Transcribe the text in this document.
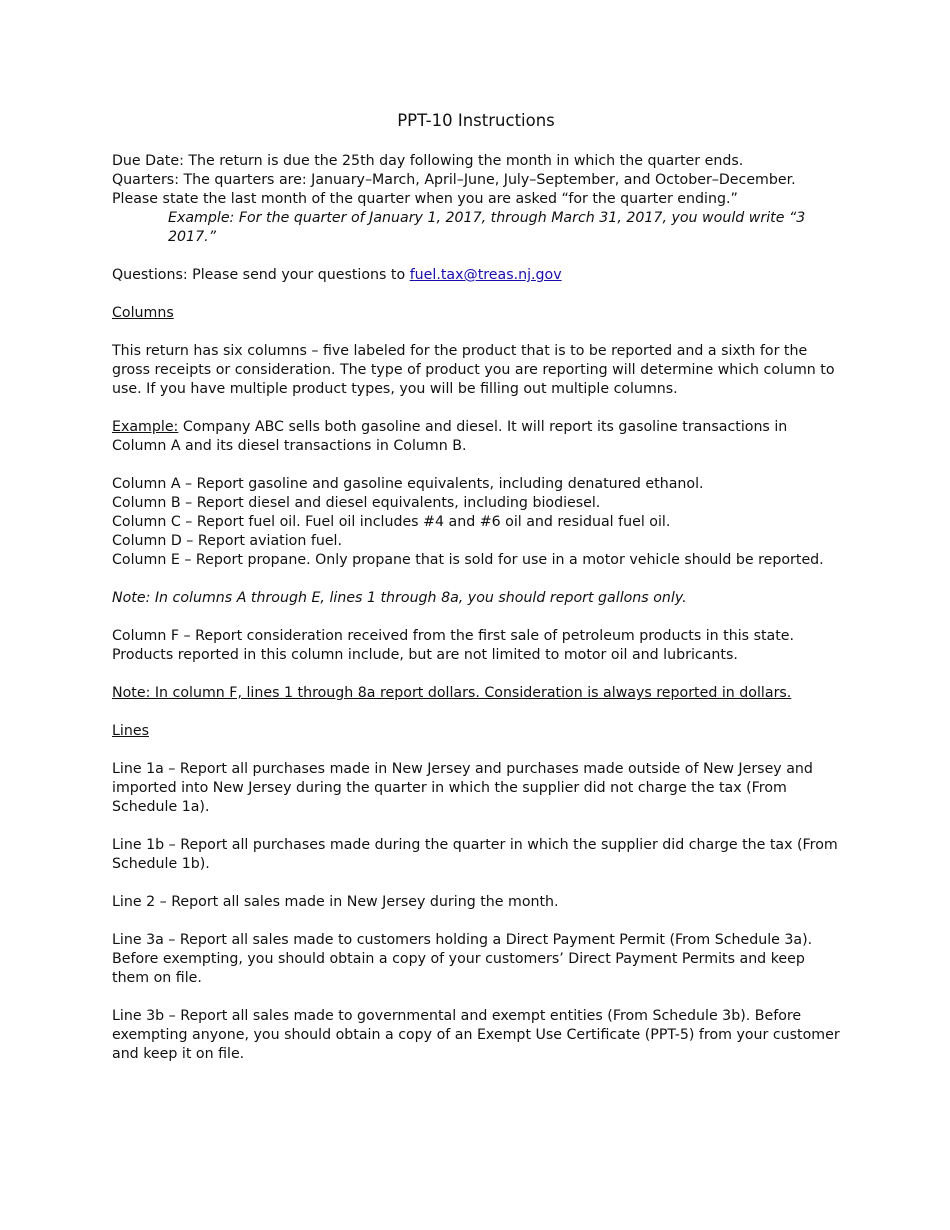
PPT-10 Instructions

Due Date: The return is due the 25th day following the month in which the quarter ends.

Quarters: The quarters are: January–March, April–June, July–September, and October–December. Please state the last month of the quarter when you are asked “for the quarter ending.”

Example: For the quarter of January 1, 2017, through March 31, 2017, you would write “3 2017.”

Questions: Please send your questions to fuel.tax@treas.nj.gov

Columns

This return has six columns – five labeled for the product that is to be reported and a sixth for the gross receipts or consideration. The type of product you are reporting will determine which column to use. If you have multiple product types, you will be filling out multiple columns.

Example: Company ABC sells both gasoline and diesel. It will report its gasoline transactions in Column A and its diesel transactions in Column B.

Column A – Report gasoline and gasoline equivalents, including denatured ethanol.

Column B – Report diesel and diesel equivalents, including biodiesel.

Column C – Report fuel oil. Fuel oil includes #4 and #6 oil and residual fuel oil.

Column D – Report aviation fuel.

Column E – Report propane. Only propane that is sold for use in a motor vehicle should be reported.

Note: In columns A through E, lines 1 through 8a, you should report gallons only.

Column F – Report consideration received from the first sale of petroleum products in this state. Products reported in this column include, but are not limited to motor oil and lubricants.

Note: In column F, lines 1 through 8a report dollars. Consideration is always reported in dollars.

Lines

Line 1a – Report all purchases made in New Jersey and purchases made outside of New Jersey and imported into New Jersey during the quarter in which the supplier did not charge the tax (From Schedule 1a).

Line 1b – Report all purchases made during the quarter in which the supplier did charge the tax (From Schedule 1b).

Line 2 – Report all sales made in New Jersey during the month.

Line 3a – Report all sales made to customers holding a Direct Payment Permit (From Schedule 3a). Before exempting, you should obtain a copy of your customers’ Direct Payment Permits and keep them on file.

Line 3b – Report all sales made to governmental and exempt entities (From Schedule 3b). Before exempting anyone, you should obtain a copy of an Exempt Use Certificate (PPT-5) from your customer and keep it on file.
